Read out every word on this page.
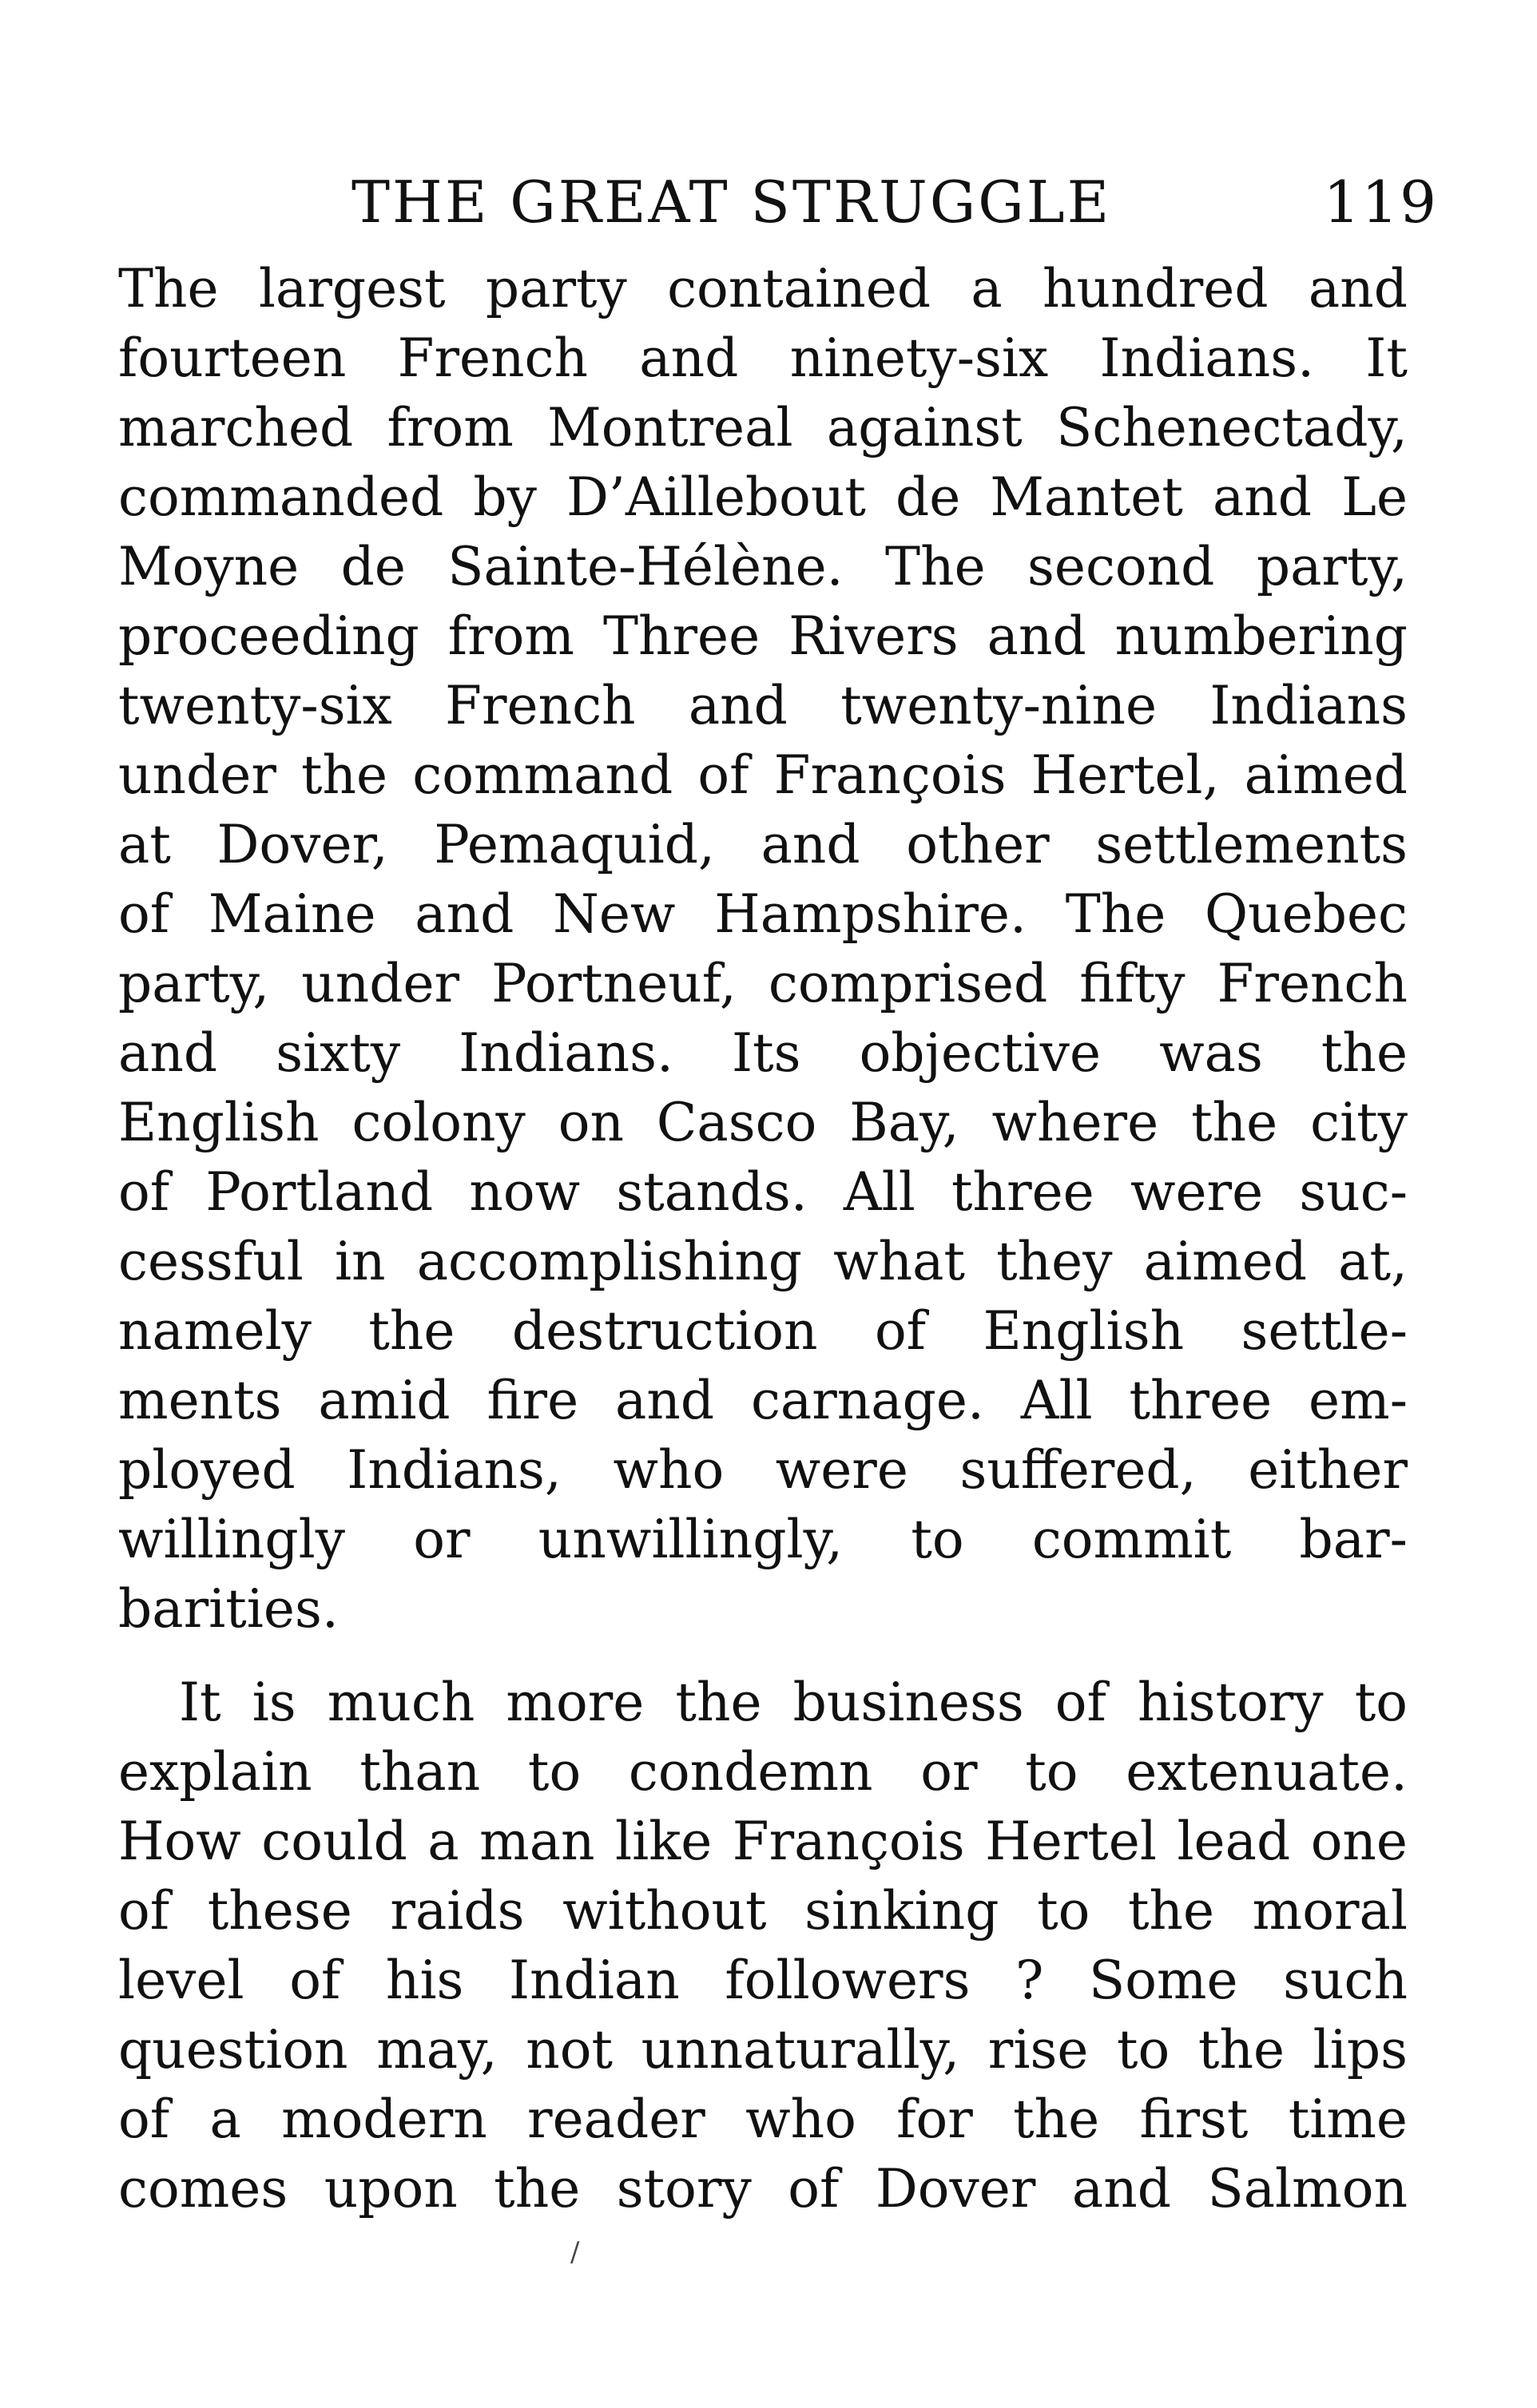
THE GREAT STRUGGLE	119
The largest party contained a hundred and
fourteen French and ninety-six Indians. It
marched from Montreal against Schenectady,
commanded by D’Aillebout de Mantet and Le
Moyne de Sainte-Hélène. The second party,
proceeding from Three Rivers and numbering
twenty-six French and twenty-nine Indians
under the command of François Hertel, aimed
at Dover, Pemaquid, and other settlements
of Maine and New Hampshire. The Quebec
party, under Portneuf, comprised fifty French
and sixty Indians. Its objective was the
English colony on Casco Bay, where the city
of Portland now stands. All three were suc-
cessful in accomplishing what they aimed at,
namely the destruction of English settle-
ments amid fire and carnage. All three em-
ployed Indians, who were suffered, either
willingly or unwillingly, to commit bar-
barities.
It is much more the business of history to
explain than to condemn or to extenuate.
How could a man like François Hertel lead one
of these raids without sinking to the moral
level of his Indian followers ? Some such
question may, not unnaturally, rise to the lips
of a modern reader who for the first time
comes upon the story of Dover and Salmon
/
